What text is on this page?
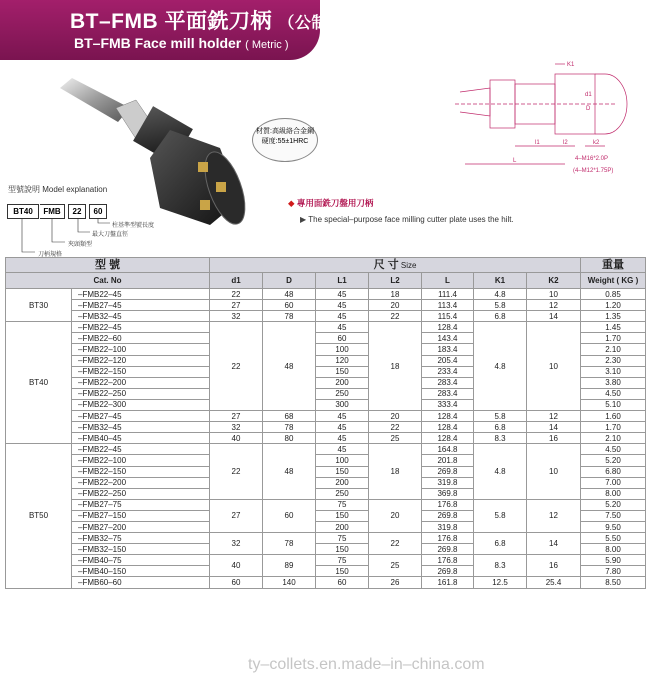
BT–FMB 平面銑刀柄 （公制）
BT–FMB Face mill holder ( Metric )
材質:高級絡合金鋼
硬度:55±1HRC
K1
d1
D
l1	l2	k2
L	4–M16*2.0P
(4–M12*1.75P)
型號說明 Model explanation
BT40	FMB	22	60
柱基準型號長度
最大刀盤直徑
夾頭類型
刀柄規格
◆ 專用面銑刀盤用刀柄
▶ The special–purpose face milling cutter plate uses the hilt.
型 號		尺 寸 Size							重量
Cat. No		d1	D	L1	L2	L	K1	K2	Weight ( KG )
BT30	–FMB22–45	22	48	45	18	111.4	4.8	10	0.85
	–FMB27–45	27	60	45	20	113.4	5.8	12	1.20
	–FMB32–45	32	78	45	22	115.4	6.8	14	1.35
BT40	–FMB22–45	22	48	45	18	128.4	4.8	10	1.45
	–FMB22–60			60		143.4			1.70
	–FMB22–100			100		183.4			2.10
	–FMB22–120			120		205.4			2.30
	–FMB22–150			150		233.4			3.10
	–FMB22–200			200		283.4			3.80
	–FMB22–250			250		283.4			4.50
	–FMB22–300			300		333.4			5.10
	–FMB27–45	27	68	45	20	128.4	5.8	12	1.60
	–FMB32–45	32	78	45	22	128.4	6.8	14	1.70
	–FMB40–45	40	80	45	25	128.4	8.3	16	2.10
BT50	–FMB22–45	22	48	45	18	164.8	4.8	10	4.50
	–FMB22–100			100		201.8			5.20
	–FMB22–150			150		269.8			6.80
	–FMB22–200			200		319.8			7.00
	–FMB22–250			250		369.8			8.00
	–FMB27–75	27	60	75	20	176.8	5.8	12	5.20
	–FMB27–150			150		269.8			7.50
	–FMB27–200			200		319.8			9.50
	–FMB32–75	32	78	75	22	176.8	6.8	14	5.50
	–FMB32–150			150		269.8			8.00
	–FMB40–75	40	89	75	25	176.8	8.3	16	5.90
	–FMB40–150			150		269.8			7.80
	–FMB60–60	60	140	60	26	161.8	12.5	25.4	8.50
ty–collets.en.made–in–china.com
